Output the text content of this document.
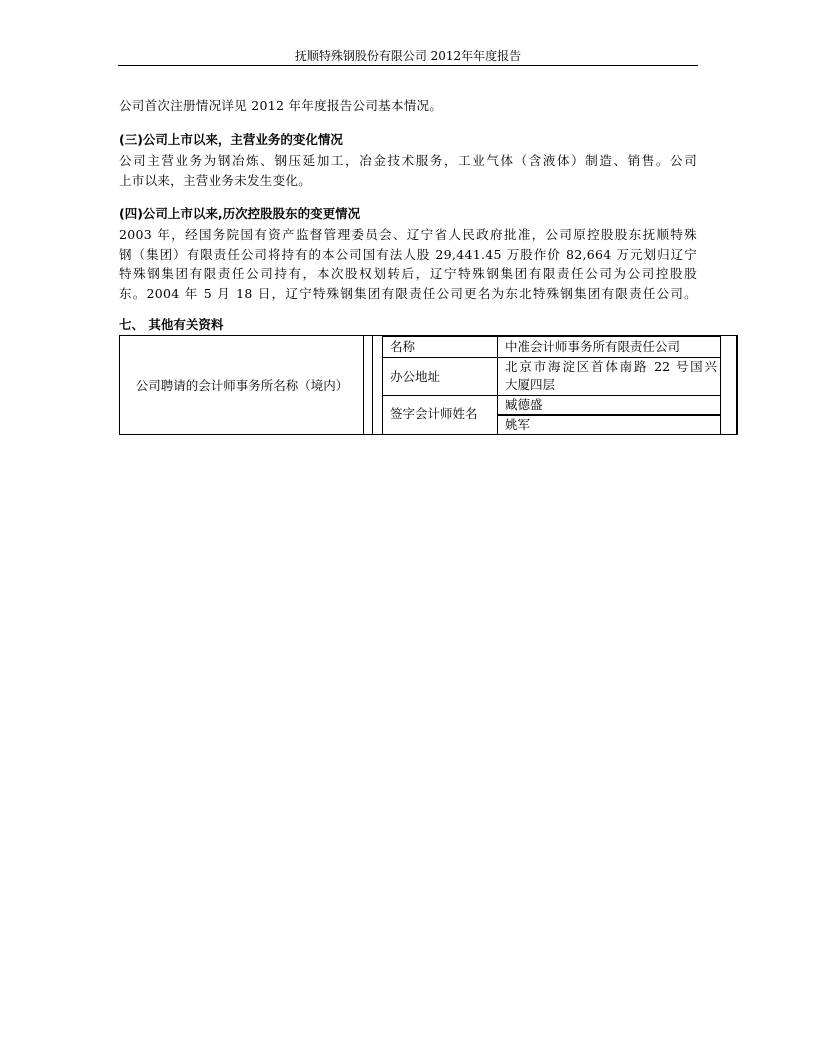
抚顺特殊钢股份有限公司 2012年年度报告
公司首次注册情况详见 2012 年年度报告公司基本情况。
(三)公司上市以来，主营业务的变化情况
公司主营业务为钢冶炼、钢压延加工，冶金技术服务，工业气体（含液体）制造、销售。公司
上市以来，主营业务未发生变化。
(四)公司上市以来,历次控股股东的变更情况
2003 年，经国务院国有资产监督管理委员会、辽宁省人民政府批准，公司原控股股东抚顺特殊
钢（集团）有限责任公司将持有的本公司国有法人股 29,441.45 万股作价 82,664 万元划归辽宁
特殊钢集团有限责任公司持有，本次股权划转后，辽宁特殊钢集团有限责任公司为公司控股股
东。2004 年 5 月 18 日，辽宁特殊钢集团有限责任公司更名为东北特殊钢集团有限责任公司。
七、 其他有关资料
公司聘请的会计师事务所名称（境内）
名称	中准会计师事务所有限责任公司
办公地址
北京市海淀区首体南路 22 号国兴
大厦四层
签字会计师姓名
臧德盛
姚军
